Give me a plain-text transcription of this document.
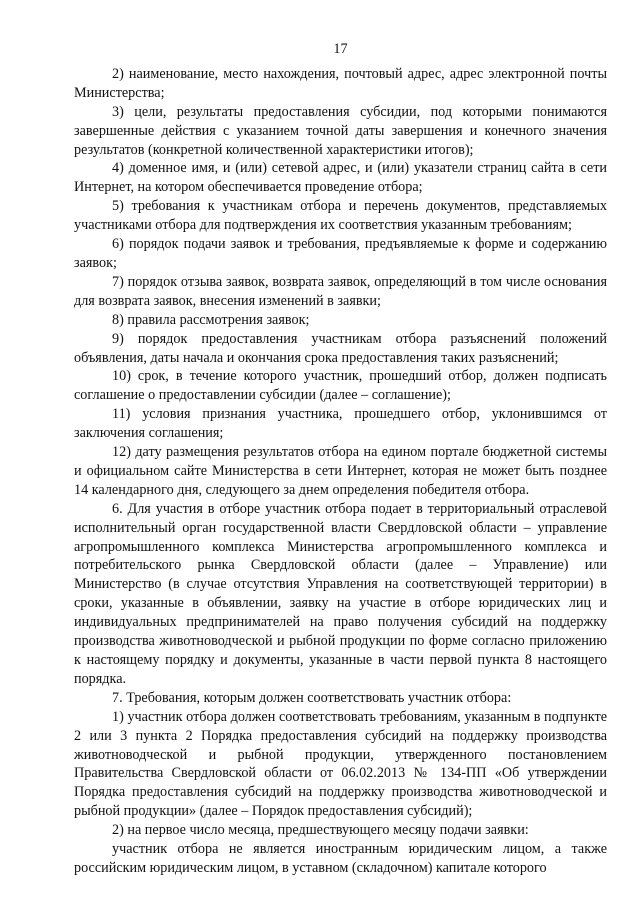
17

2) наименование, место нахождения, почтовый адрес, адрес электронной почты Министерства;

3) цели, результаты предоставления субсидии, под которыми понимаются завершенные действия с указанием точной даты завершения и конечного значения результатов (конкретной количественной характеристики итогов);

4) доменное имя, и (или) сетевой адрес, и (или) указатели страниц сайта в сети Интернет, на котором обеспечивается проведение отбора;

5) требования к участникам отбора и перечень документов, представляемых участниками отбора для подтверждения их соответствия указанным требованиям;

6) порядок подачи заявок и требования, предъявляемые к форме и содержанию заявок;

7) порядок отзыва заявок, возврата заявок, определяющий в том числе основания для возврата заявок, внесения изменений в заявки;

8) правила рассмотрения заявок;

9) порядок предоставления участникам отбора разъяснений положений объявления, даты начала и окончания срока предоставления таких разъяснений;

10) срок, в течение которого участник, прошедший отбор, должен подписать соглашение о предоставлении субсидии (далее – соглашение);

11) условия признания участника, прошедшего отбор, уклонившимся от заключения соглашения;

12) дату размещения результатов отбора на едином портале бюджетной системы и официальном сайте Министерства в сети Интернет, которая не может быть позднее 14 календарного дня, следующего за днем определения победителя отбора.

6. Для участия в отборе участник отбора подает в территориальный отраслевой исполнительный орган государственной власти Свердловской области – управление агропромышленного комплекса Министерства агропромышленного комплекса и потребительского рынка Свердловской области (далее – Управление) или Министерство (в случае отсутствия Управления на соответствующей территории) в сроки, указанные в объявлении, заявку на участие в отборе юридических лиц и индивидуальных предпринимателей на право получения субсидий на поддержку производства животноводческой и рыбной продукции по форме согласно приложению к настоящему порядку и документы, указанные в части первой пункта 8 настоящего порядка.

7. Требования, которым должен соответствовать участник отбора:

1) участник отбора должен соответствовать требованиям, указанным в подпункте 2 или 3 пункта 2 Порядка предоставления субсидий на поддержку производства животноводческой и рыбной продукции, утвержденного постановлением Правительства Свердловской области от 06.02.2013 № 134-ПП «Об утверждении Порядка предоставления субсидий на поддержку производства животноводческой и рыбной продукции» (далее – Порядок предоставления субсидий);

2) на первое число месяца, предшествующего месяцу подачи заявки:

участник отбора не является иностранным юридическим лицом, а также российским юридическим лицом, в уставном (складочном) капитале которого
